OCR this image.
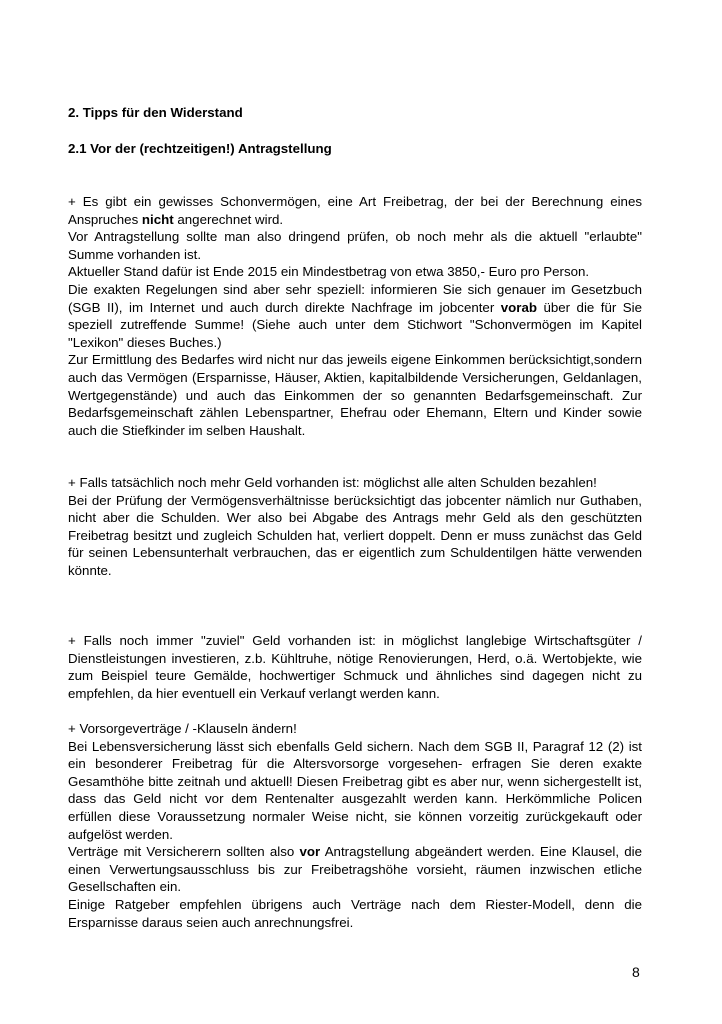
2. Tipps für den Widerstand
2.1 Vor der (rechtzeitigen!) Antragstellung

+ Es gibt ein gewisses Schonvermögen, eine Art Freibetrag, der bei der Berechnung eines Anspruches nicht angerechnet wird.

Vor Antragstellung sollte man also dringend prüfen, ob noch mehr als die aktuell "erlaubte" Summe vorhanden ist.

Aktueller Stand dafür ist Ende 2015 ein Mindestbetrag von etwa 3850,- Euro pro Person.

Die exakten Regelungen sind aber sehr speziell: informieren Sie sich genauer im Gesetzbuch (SGB II), im Internet und auch durch direkte Nachfrage im jobcenter vorab über die für Sie speziell zutreffende Summe! (Siehe auch unter dem Stichwort "Schonvermögen im Kapitel "Lexikon" dieses Buches.)

Zur Ermittlung des Bedarfes wird nicht nur das jeweils eigene Einkommen berücksichtigt,sondern auch das Vermögen (Ersparnisse, Häuser, Aktien, kapitalbildende Versicherungen, Geldanlagen, Wertgegenstände) und auch das Einkommen der so genannten Bedarfsgemeinschaft. Zur Bedarfsgemeinschaft zählen Lebenspartner, Ehefrau oder Ehemann, Eltern und Kinder sowie auch die Stiefkinder im selben Haushalt.

+ Falls tatsächlich noch mehr Geld vorhanden ist: möglichst alle alten Schulden bezahlen!

Bei der Prüfung der Vermögensverhältnisse berücksichtigt das jobcenter nämlich nur Guthaben, nicht aber die Schulden. Wer also bei Abgabe des Antrags mehr Geld als den geschützten Freibetrag besitzt und zugleich Schulden hat, verliert doppelt. Denn er muss zunächst das Geld für seinen Lebensunterhalt verbrauchen, das er eigentlich zum Schuldentilgen hätte verwenden könnte.

+ Falls noch immer "zuviel" Geld vorhanden ist: in möglichst langlebige Wirtschaftsgüter / Dienstleistungen investieren, z.b. Kühltruhe, nötige Renovierungen, Herd, o.ä. Wertobjekte, wie zum Beispiel teure Gemälde, hochwertiger Schmuck und ähnliches sind dagegen nicht zu empfehlen, da hier eventuell ein Verkauf verlangt werden kann.

+ Vorsorgeverträge / -Klauseln ändern!

Bei Lebensversicherung lässt sich ebenfalls Geld sichern. Nach dem SGB II, Paragraf 12 (2) ist ein besonderer Freibetrag für die Altersvorsorge vorgesehen- erfragen Sie deren exakte Gesamthöhe bitte zeitnah und aktuell! Diesen Freibetrag gibt es aber nur, wenn sichergestellt ist, dass das Geld nicht vor dem Rentenalter ausgezahlt werden kann. Herkömmliche Policen erfüllen diese Voraussetzung normaler Weise nicht, sie können vorzeitig zurückgekauft oder aufgelöst werden.

Verträge mit Versicherern sollten also vor Antragstellung abgeändert werden. Eine Klausel, die einen Verwertungsausschluss bis zur Freibetragshöhe vorsieht, räumen inzwischen etliche Gesellschaften ein.

Einige Ratgeber empfehlen übrigens auch Verträge nach dem Riester-Modell, denn die Ersparnisse daraus seien auch anrechnungsfrei.

8
